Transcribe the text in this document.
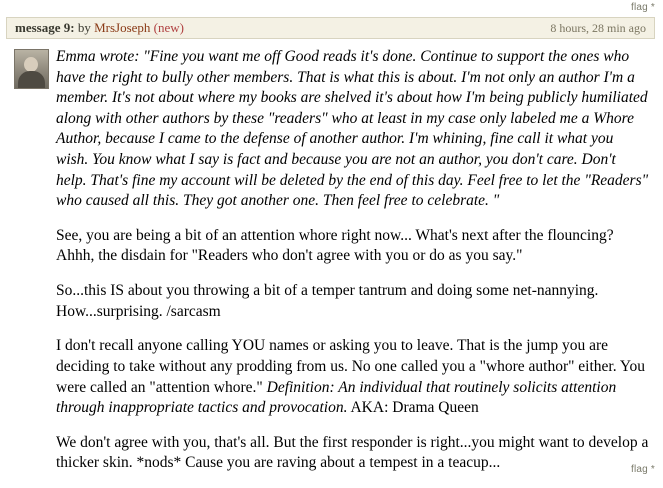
flag *
message 9: by MrsJoseph (new)	8 hours, 28 min ago

Emma wrote: "Fine you want me off Good reads it's done. Continue to support the ones who have the right to bully other members. That is what this is about. I'm not only an author I'm a member. It's not about where my books are shelved it's about how I'm being publicly humiliated along with other authors by these "readers" who at least in my case only labeled me a Whore Author, because I came to the defense of another author. I'm whining, fine call it what you wish. You know what I say is fact and because you are not an author, you don't care. Don't help. That's fine my account will be deleted by the end of this day. Feel free to let the "Readers" who caused all this. They got another one. Then feel free to celebrate. "

See, you are being a bit of an attention whore right now... What's next after the flouncing? Ahhh, the disdain for "Readers who don't agree with you or do as you say."

So...this IS about you throwing a bit of a temper tantrum and doing some net-nannying.
How...surprising. /sarcasm

I don't recall anyone calling YOU names or asking you to leave. That is the jump you are deciding to take without any prodding from us. No one called you a "whore author" either. You were called an "attention whore." Definition: An individual that routinely solicits attention through inappropriate tactics and provocation. AKA: Drama Queen

We don't agree with you, that's all. But the first responder is right...you might want to develop a thicker skin. *nods* Cause you are raving about a tempest in a teacup...	flag *
